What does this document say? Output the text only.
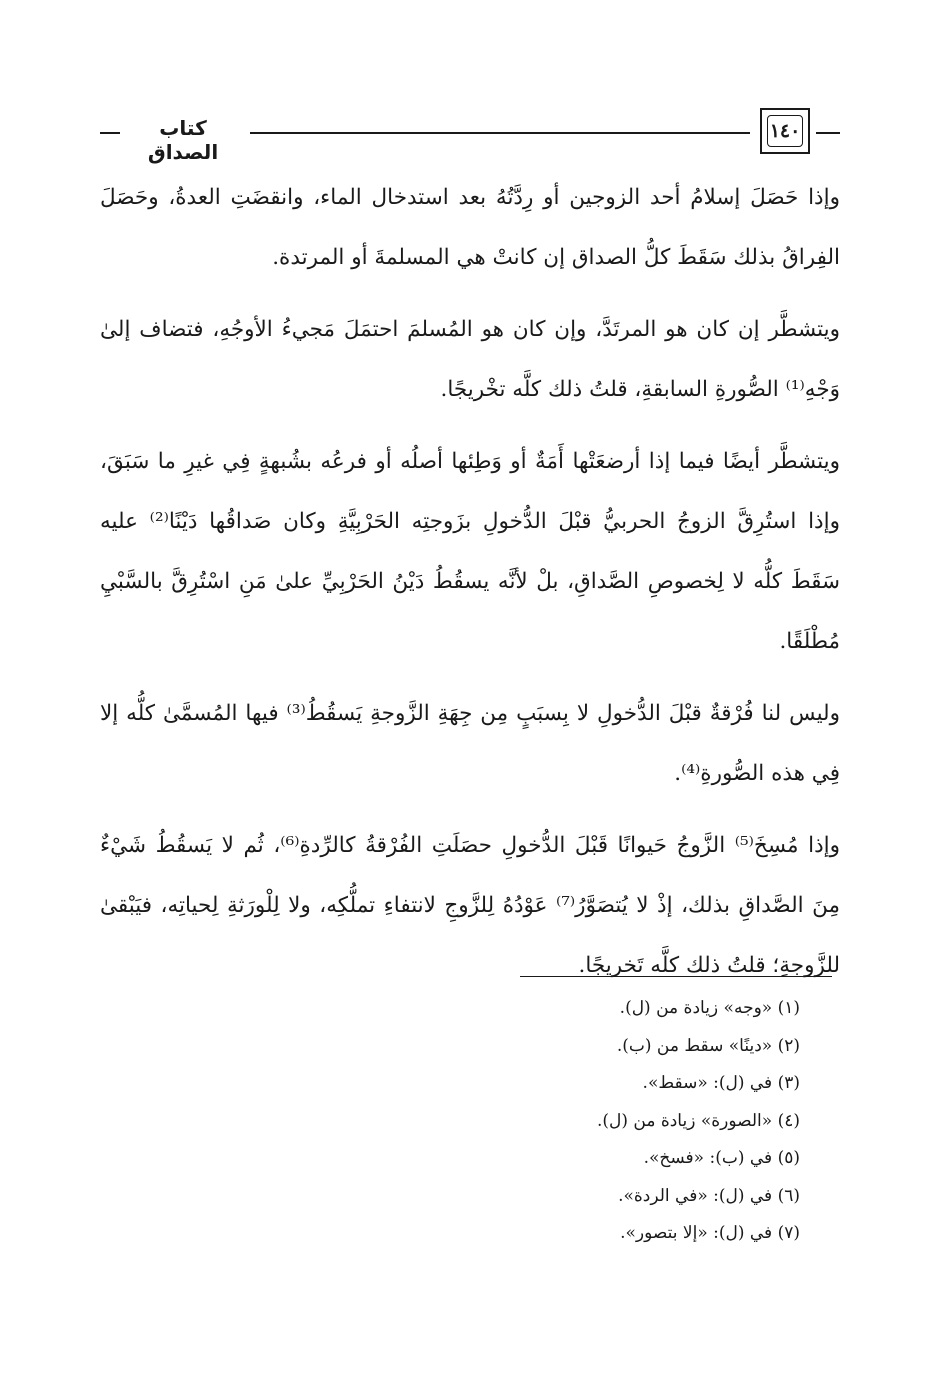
كتاب الصداق
١٤٠

وإذا حَصَلَ إسلامُ أحد الزوجين أو رِدَّتُهُ بعد استدخال الماء، وانقضَتِ العدةُ، وحَصَلَ الفِراقُ بذلك سَقَطَ كلُّ الصداق إن كانتْ هي المسلمةَ أو المرتدة.

ويتشطَّر إن كان هو المرتَدَّ، وإن كان هو المُسلمَ احتمَلَ مَجيءُ الأوجُهِ، فتضاف إلىٰ وَجْهِ⁽¹⁾ الصُّورةِ السابقةِ، قلتُ ذلك كلَّه تخْريجًا.

ويتشطَّر أيضًا فيما إذا أرضعَتْها أَمَةٌ أو وَطِئها أصلُه أو فرعُه بشُبهةٍ فِي غيرِ ما سَبَقَ، وإذا استُرِقَّ الزوجُ الحربيُّ قبْلَ الدُّخولِ بزَوجتِه الحَرْبِيَّةِ وكان صَداقُها دَيْنًا⁽²⁾ عليه سَقَطَ كلُّه لا لِخصوصِ الصَّداقِ، بلْ لأنَّه يسقُطُ دَيْنُ الحَرْبِيِّ علىٰ مَنِ اسْتُرِقَّ بالسَّبْيِ مُطْلَقًا.

وليس لنا فُرْقةٌ قبْلَ الدُّخولِ لا بِسبَبٍ مِن جِهَةِ الزَّوجةِ يَسقُطُ⁽³⁾ فيها المُسمَّىٰ كلُّه إلا فِي هذه الصُّورةِ⁽⁴⁾.

وإذا مُسِخَ⁽⁵⁾ الزَّوجُ حَيوانًا قَبْلَ الدُّخولِ حصَلَتِ الفُرْقةُ كالرِّدةِ⁽⁶⁾، ثُم لا يَسقُطُ شَيْءٌ مِنَ الصَّداقِ بذلك، إذْ لا يُتصَوَّرُ⁽⁷⁾ عَوْدُهُ لِلزَّوجِ لانتفاءِ تملُّكِه، ولا لِلْورَثةِ لِحياتِه، فيَبْقىٰ للزَّوجةِ؛ قلتُ ذلك كلَّه تَخريجًا.

(١) «وجه» زيادة من (ل).

(٢) «دينًا» سقط من (ب).

(٣) في (ل): «سقط».

(٤) «الصورة» زيادة من (ل).

(٥) في (ب): «فسخ».

(٦) في (ل): «في الردة».

(٧) في (ل): «إلا بتصور».
